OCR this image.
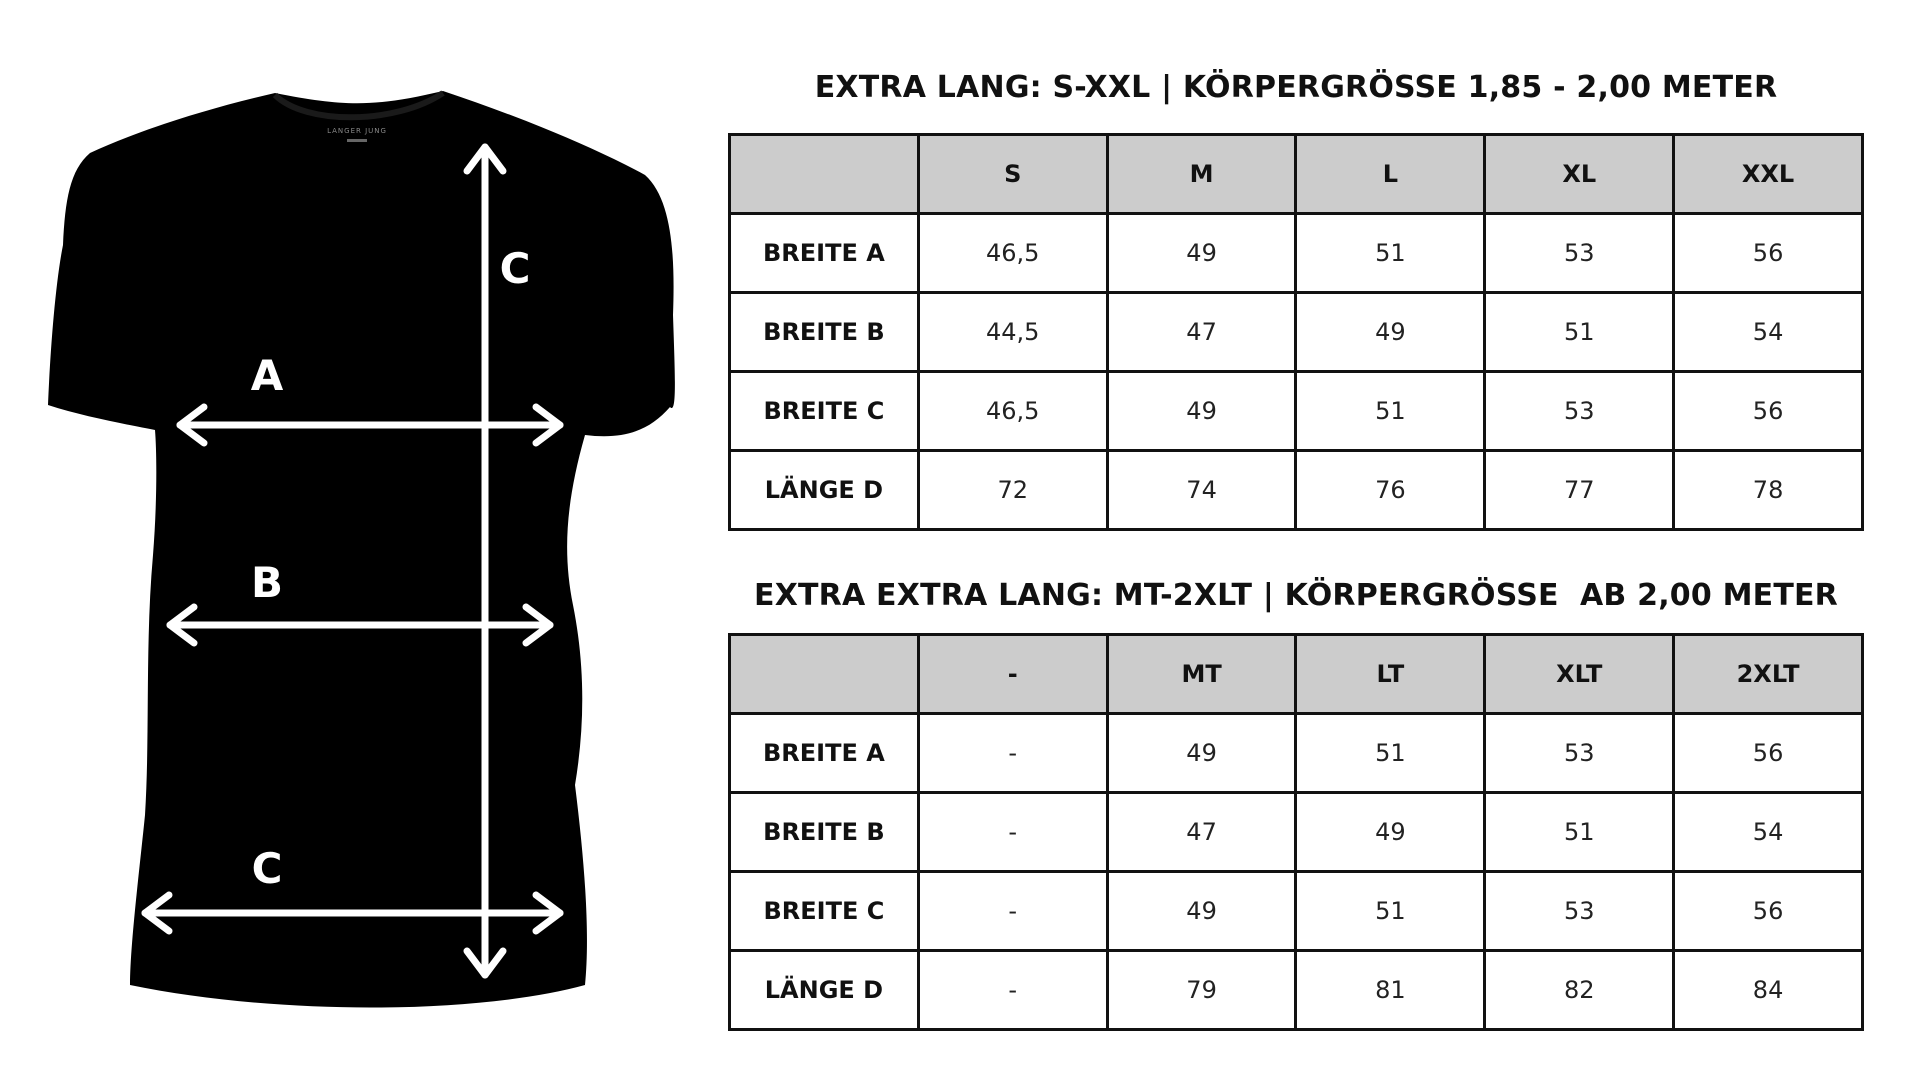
LANGER JUNG
C
A
B
C
EXTRA LANG: S-XXL | KÖRPERGRÖSSE 1,85 - 2,00 METER
	S	M	L	XL	XXL
BREITE A	46,5	49	51	53	56
BREITE B	44,5	47	49	51	54
BREITE C	46,5	49	51	53	56
LÄNGE D	72	74	76	77	78
EXTRA EXTRA LANG: MT-2XLT | KÖRPERGRÖSSE  AB 2,00 METER
	-	MT	LT	XLT	2XLT
BREITE A	-	49	51	53	56
BREITE B	-	47	49	51	54
BREITE C	-	49	51	53	56
LÄNGE D	-	79	81	82	84
